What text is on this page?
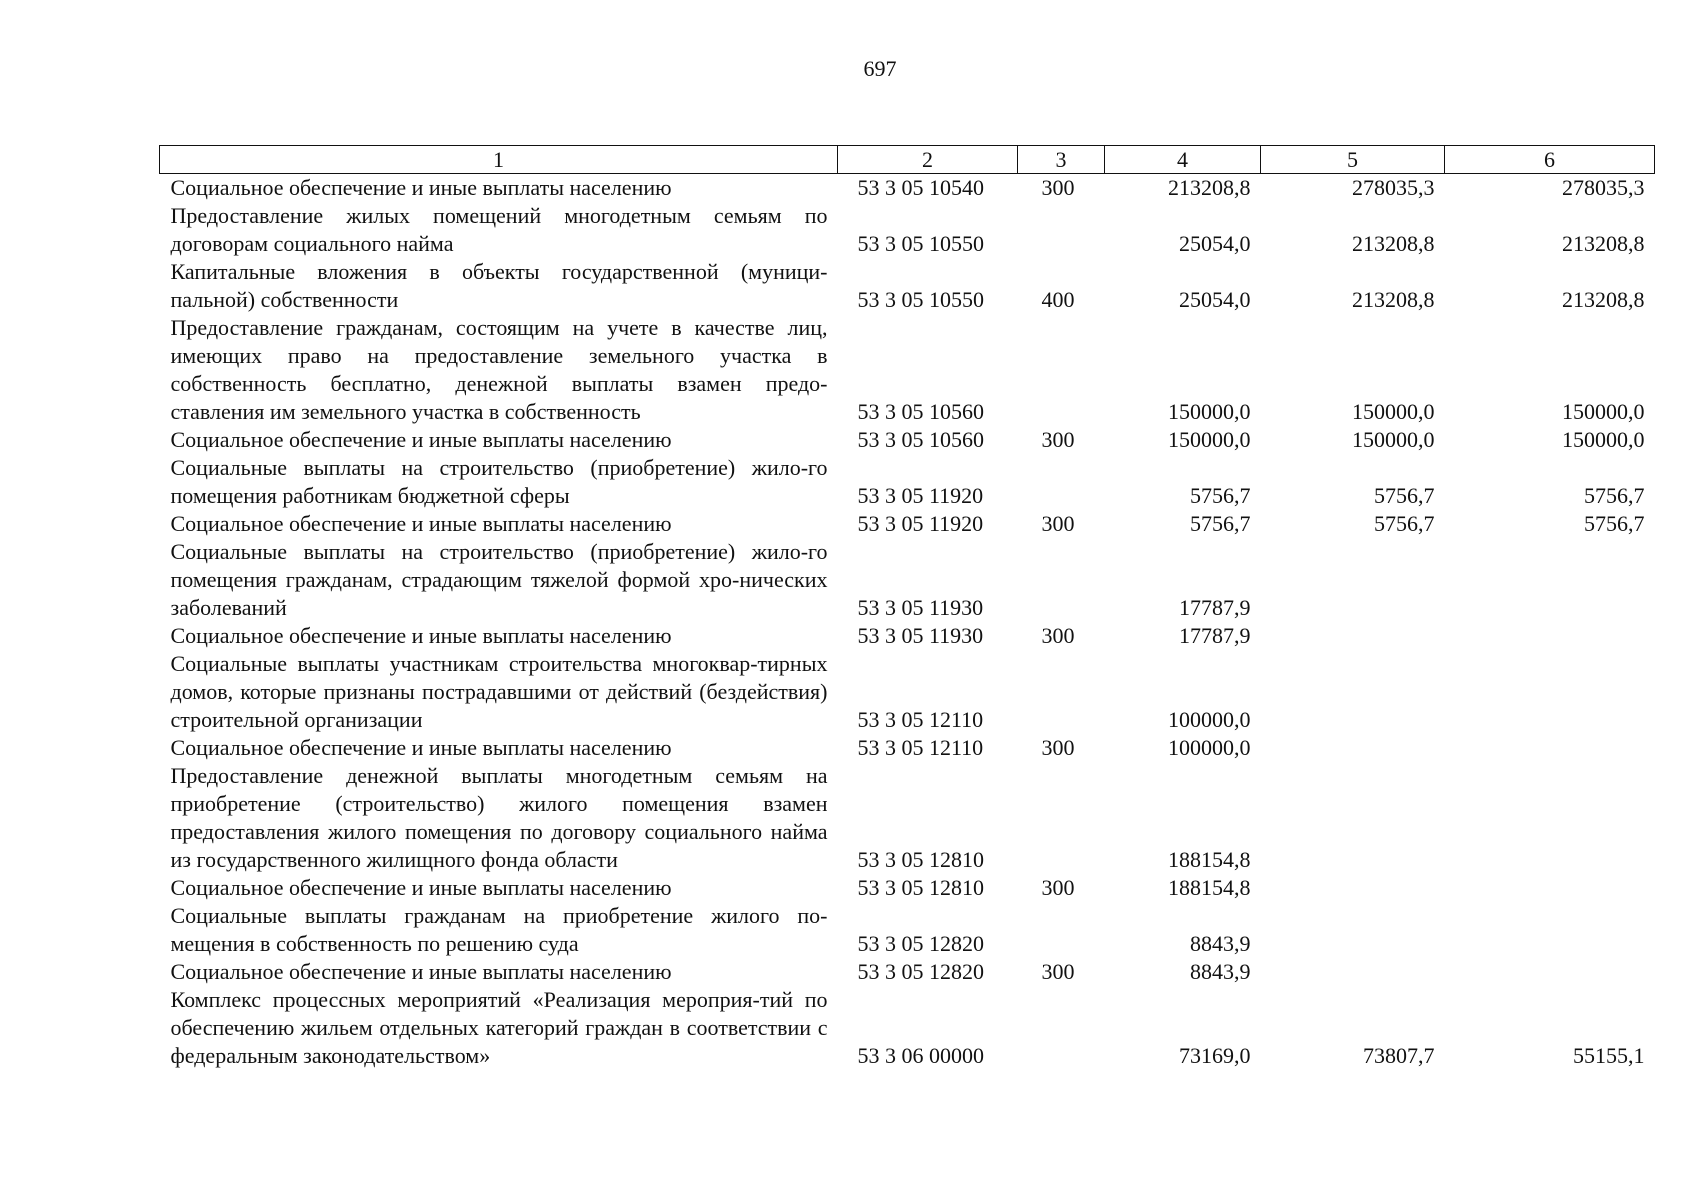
697
1	2	3	4	5	6
Социальное обеспечение и иные выплаты населению	53 3 05 10540	300	213208,8	278035,3	278035,3
Предоставление жилых помещений многодетным семьям по договорам социального найма	53 3 05 10550		25054,0	213208,8	213208,8
Капитальные вложения в объекты государственной (муници-пальной) собственности	53 3 05 10550	400	25054,0	213208,8	213208,8
Предоставление гражданам, состоящим на учете в качестве лиц, имеющих право на предоставление земельного участка в собственность бесплатно, денежной выплаты взамен предо-ставления им земельного участка в собственность	53 3 05 10560		150000,0	150000,0	150000,0
Социальное обеспечение и иные выплаты населению	53 3 05 10560	300	150000,0	150000,0	150000,0
Социальные выплаты на строительство (приобретение) жило-го помещения работникам бюджетной сферы	53 3 05 11920		5756,7	5756,7	5756,7
Социальное обеспечение и иные выплаты населению	53 3 05 11920	300	5756,7	5756,7	5756,7
Социальные выплаты на строительство (приобретение) жило-го помещения гражданам, страдающим тяжелой формой хро-нических заболеваний	53 3 05 11930		17787,9		
Социальное обеспечение и иные выплаты населению	53 3 05 11930	300	17787,9		
Социальные выплаты участникам строительства многоквар-тирных домов, которые признаны пострадавшими от действий (бездействия) строительной организации	53 3 05 12110		100000,0		
Социальное обеспечение и иные выплаты населению	53 3 05 12110	300	100000,0		
Предоставление денежной выплаты многодетным семьям на приобретение (строительство) жилого помещения взамен предоставления жилого помещения по договору социального найма из государственного жилищного фонда области	53 3 05 12810		188154,8		
Социальное обеспечение и иные выплаты населению	53 3 05 12810	300	188154,8		
Социальные выплаты гражданам на приобретение жилого по-мещения в собственность по решению суда	53 3 05 12820		8843,9		
Социальное обеспечение и иные выплаты населению	53 3 05 12820	300	8843,9		
Комплекс процессных мероприятий «Реализация мероприя-тий по обеспечению жильем отдельных категорий граждан в соответствии с федеральным законодательством»	53 3 06 00000		73169,0	73807,7	55155,1
